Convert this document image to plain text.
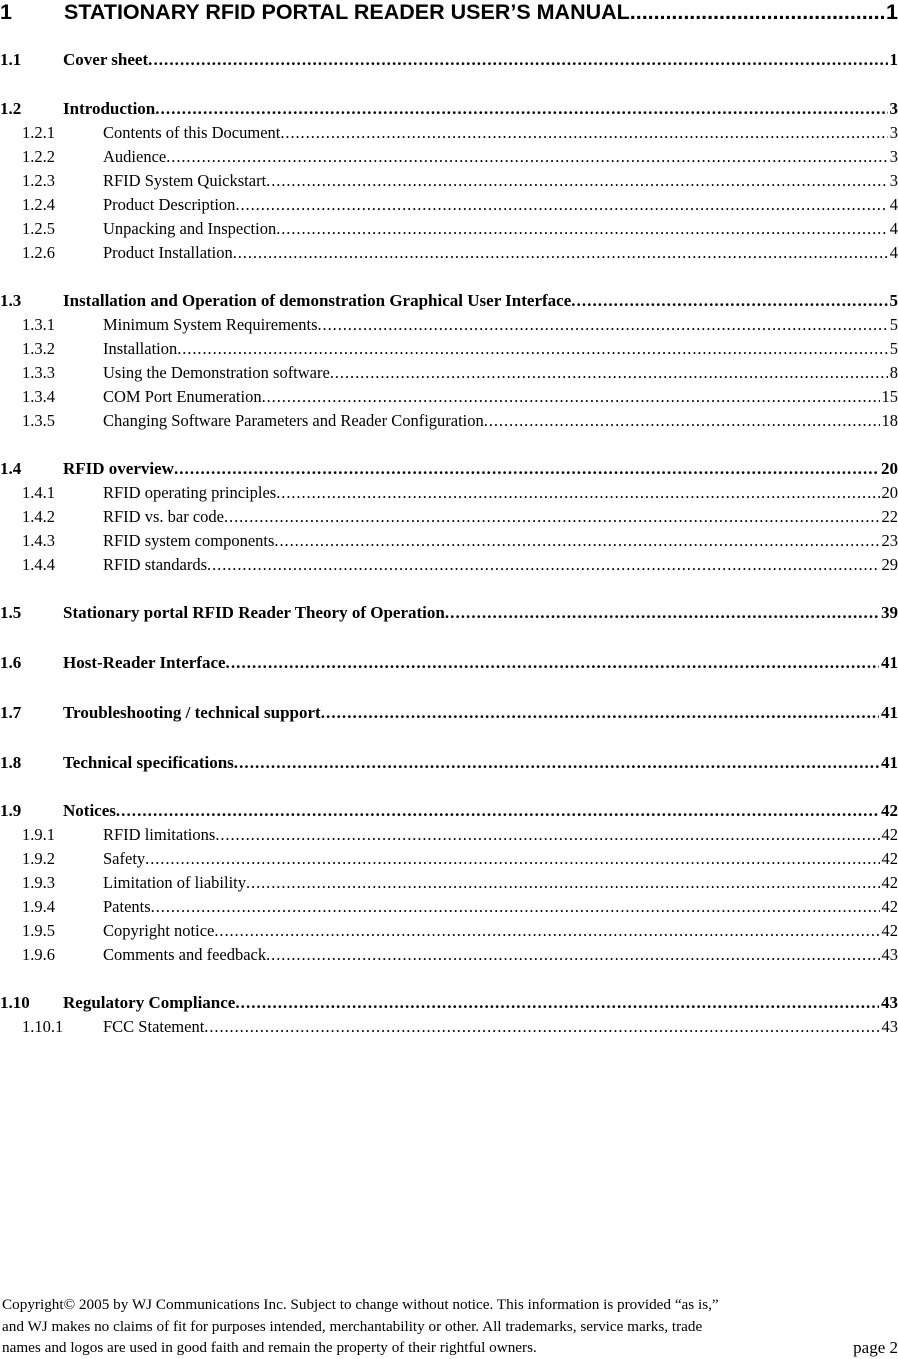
1	STATIONARY RFID PORTAL READER USER’S MANUAL . . .	1
1.1	Cover sheet . . .	1
1.2	Introduction . . .	3
1.2.1	Contents of this Document . . .	3
1.2.2	Audience . . .	3
1.2.3	RFID System Quickstart . . .	3
1.2.4	Product Description . . .	4
1.2.5	Unpacking and Inspection . . .	4
1.2.6	Product Installation . . .	4
1.3	Installation and Operation of demonstration Graphical User Interface . . .	5
1.3.1	Minimum System Requirements . . .	5
1.3.2	Installation . . .	5
1.3.3	Using the Demonstration software . . .	8
1.3.4	COM Port Enumeration . . .	15
1.3.5	Changing Software Parameters and Reader Configuration . . .	18
1.4	RFID overview . . .	20
1.4.1	RFID operating principles . . .	20
1.4.2	RFID vs. bar code . . .	22
1.4.3	RFID system components . . .	23
1.4.4	RFID standards . . .	29
1.5	Stationary portal RFID Reader Theory of Operation . . .	39
1.6	Host-Reader Interface . . .	41
1.7	Troubleshooting / technical support . . .	41
1.8	Technical specifications . . .	41
1.9	Notices . . .	42
1.9.1	RFID limitations . . .	42
1.9.2	Safety . . .	42
1.9.3	Limitation of liability . . .	42
1.9.4	Patents . . .	42
1.9.5	Copyright notice . . .	42
1.9.6	Comments and feedback . . .	43
1.10	Regulatory Compliance . . .	43
1.10.1	FCC Statement . . .	43
Copyright© 2005 by WJ Communications Inc. Subject to change without notice. This information is provided “as is,”
and WJ makes no claims of fit for purposes intended, merchantability or other. All trademarks, service marks, trade
names and logos are used in good faith and remain the property of their rightful owners.	page 2
